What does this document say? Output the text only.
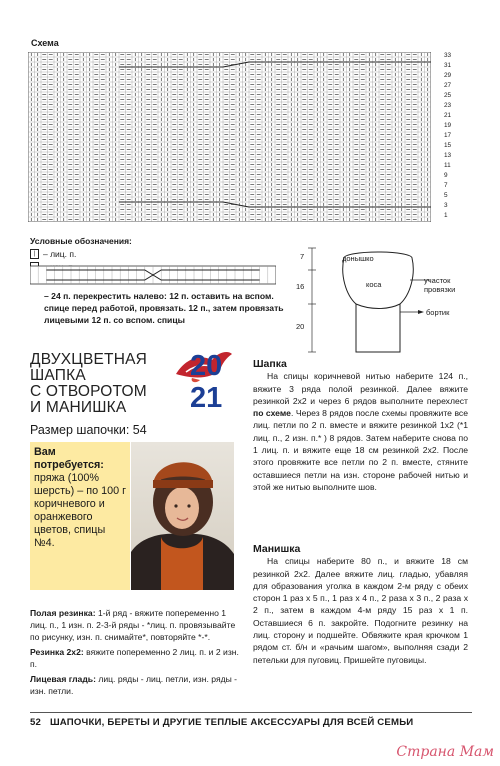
Схема
33
31
29
27
25
23
21
19
17
15
13
11
9
7
5
3
1
Условные обозначения:
| – лиц. п.
– 24 п. перекрестить налево: 12 п. оставить на вспом. спице перед работой, провязать. 12 п., затем провязать лицевыми 12 п. со вспом. спицы
донышко
коса	участок провязки
бортик
7
16
20
ДВУХЦВЕТНАЯ
ШАПКА
С ОТВОРОТОМ
И МАНИШКА
20
21
Размер шапочки: 54
Вам потребуется:
пряжа (100% шерсть) – по 100 г коричневого и оранжевого цветов, спицы №4.
Полая резинка: 1-й ряд - вяжите попеременно 1 лиц. п., 1 изн. п. 2-3-й ряды - *лиц. п. провязывайте по рисунку, изн. п. снимайте*, повторяйте *-*.
Резинка 2х2: вяжите попеременно 2 лиц. п. и 2 изн. п.
Лицевая гладь: лиц. ряды - лиц. петли, изн. ряды - изн. петли.
Шапка
На спицы коричневой нитью наберите 124 п., вяжите 3 ряда полой резинкой. Далее вяжите резинкой 2х2 и через 6 рядов выполните перехлест по схеме. Через 8 рядов после схемы провяжите все лиц. петли по 2 п. вместе и вяжите резинкой 1х2 (*1 лиц. п., 2 изн. п.* ) 8 рядов. Затем наберите снова по 1 лиц. п. и вяжите еще 18 см резинкой 2х2. После этого провяжите все петли по 2 п. вместе, стяните оставшиеся петли на изн. стороне рабочей нитью и этой же нитью выполните шов.
Манишка
На спицы наберите 80 п., и вяжите 18 см резинкой 2х2. Далее вяжите лиц. гладью, убавляя для образования уголка в каждом 2-м ряду с обеих сторон 1 раз x 5 п., 1 раз x 4 п., 2 раза x 3 п., 2 раза x 2 п., затем в каждом 4-м ряду 15 раз x 1 п. Оставшиеся 6 п. закройте. Подогните резинку на лиц. сторону и подшейте. Обвяжите края крючком 1 рядом ст. б/н и «рачьим шагом», выполняя сзади 2 петельки для пуговиц. Пришейте пуговицы.
52 ШАПОЧКИ, БЕРЕТЫ И ДРУГИЕ ТЕПЛЫЕ АКСЕССУАРЫ ДЛЯ ВСЕЙ СЕМЬИ
Страна Мам
